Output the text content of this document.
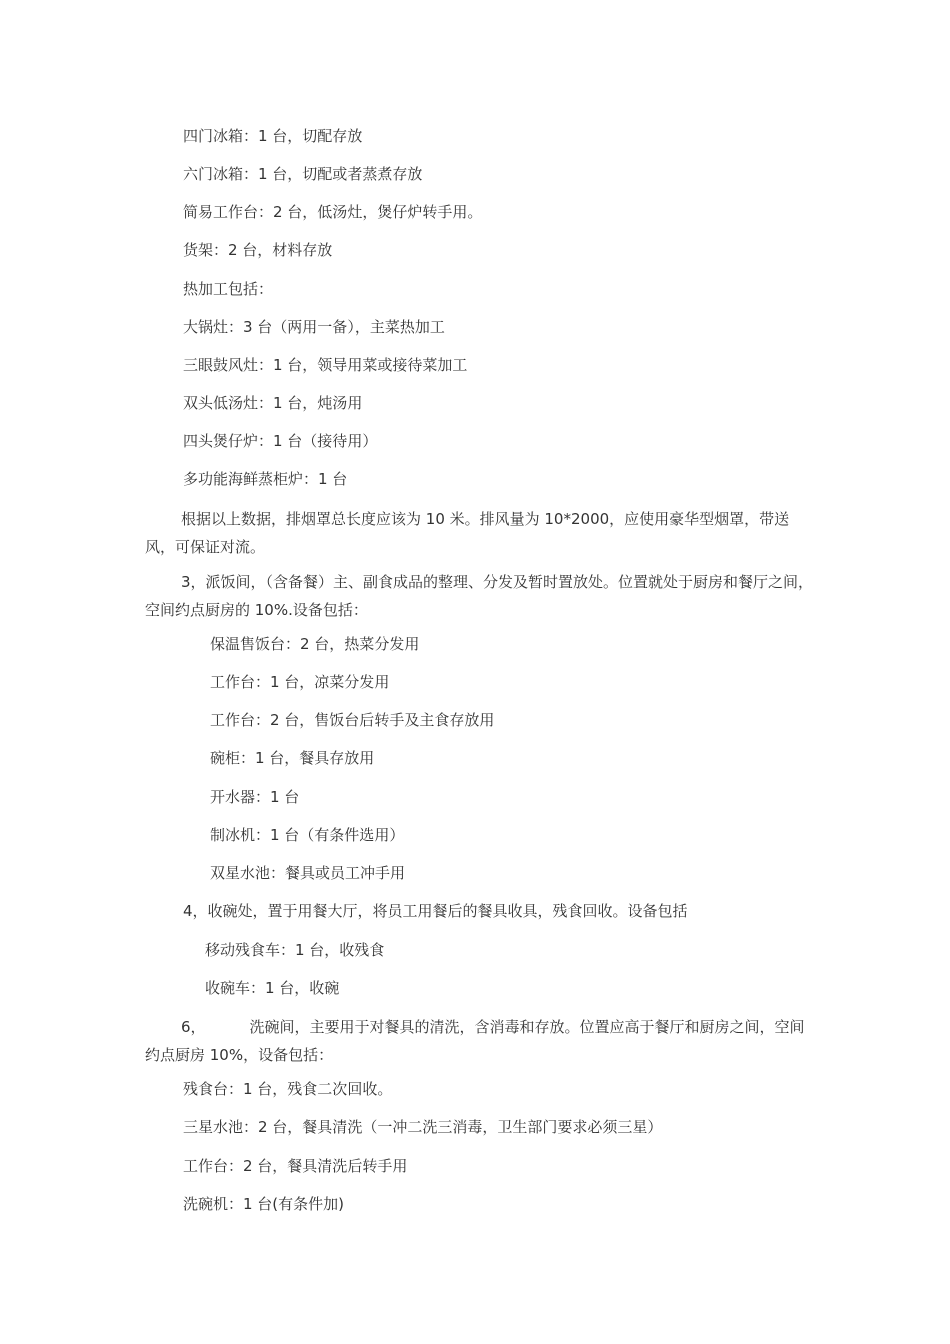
四门冰箱：1 台，切配存放
六门冰箱：1 台，切配或者蒸煮存放
简易工作台：2 台，低汤灶，煲仔炉转手用。
货架：2 台，材料存放
热加工包括：
大锅灶：3 台（两用一备），主菜热加工
三眼鼓风灶：1 台，领导用菜或接待菜加工
双头低汤灶：1 台，炖汤用
四头煲仔炉：1 台（接待用）
多功能海鲜蒸柜炉：1 台
根据以上数据，排烟罩总长度应该为 10 米。排风量为 10*2000，应使用豪华型烟罩，带送风，可保证对流。
3，派饭间，（含备餐）主、副食成品的整理、分发及暂时置放处。位置就处于厨房和餐厅之间，空间约点厨房的 10%.设备包括：
保温售饭台：2 台，热菜分发用
工作台：1 台，凉菜分发用
工作台：2 台，售饭台后转手及主食存放用
碗柜：1 台，餐具存放用
开水器：1 台
制冰机：1 台（有条件选用）
双星水池：餐具或员工冲手用
4，收碗处，置于用餐大厅，将员工用餐后的餐具收具，残食回收。设备包括
移动残食车：1 台，收残食
收碗车：1 台，收碗
6，	洗碗间，主要用于对餐具的清洗，含消毒和存放。位置应高于餐厅和厨房之间，空间约点厨房 10%，设备包括：
残食台：1 台，残食二次回收。
三星水池：2 台，餐具清洗（一冲二洗三消毒，卫生部门要求必须三星）
工作台：2 台，餐具清洗后转手用
洗碗机：1 台(有条件加)
